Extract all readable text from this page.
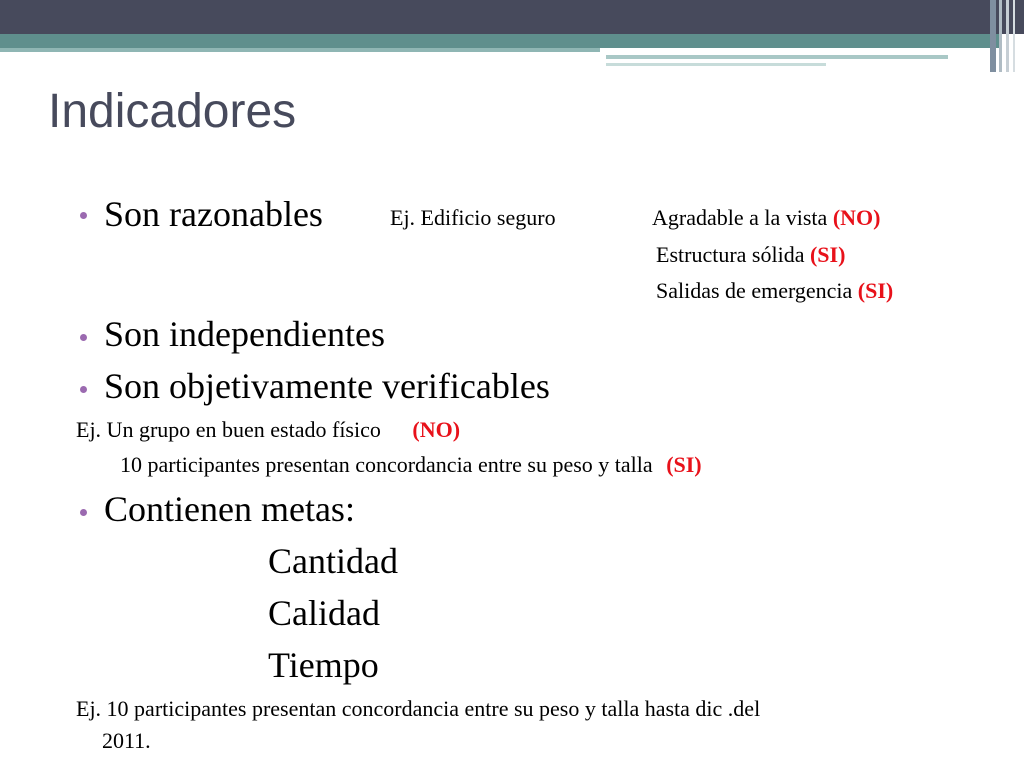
Indicadores
Son razonables	Ej. Edificio seguro	Agradable a la vista (NO)
Estructura sólida (SI)
Salidas de emergencia (SI)
Son independientes
Son objetivamente verificables
Ej. Un grupo en buen estado físico (NO)
10 participantes presentan concordancia entre su peso y talla (SI)
Contienen metas:
Cantidad
Calidad
Tiempo
Ej. 10 participantes presentan concordancia entre su peso y talla hasta dic .del
2011.
